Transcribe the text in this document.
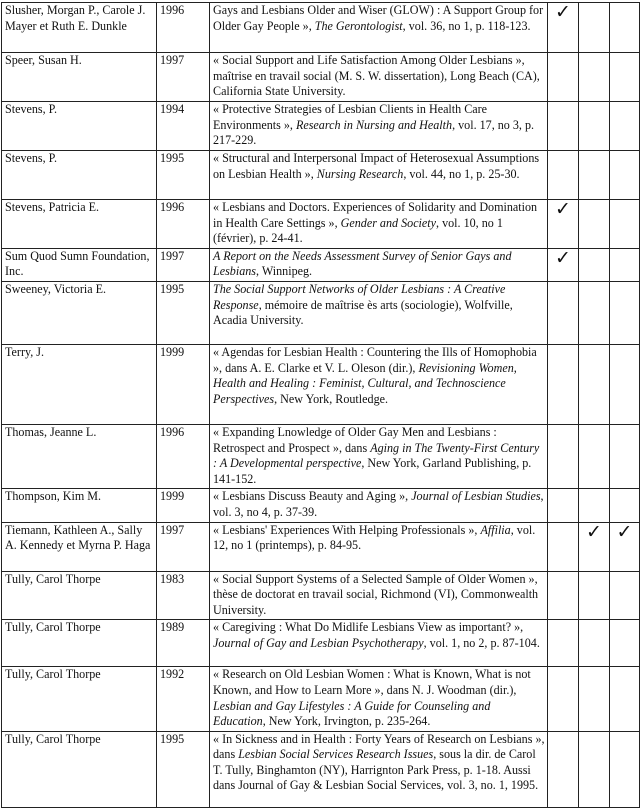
Slusher, Morgan P., Carole J. Mayer et Ruth E. Dunkle	1996	Gays and Lesbians Older and Wiser (GLOW) : A Support Group for Older Gay People », The Gerontologist, vol. 36, no 1, p. 118-123.	✓		
Speer, Susan H.	1997	« Social Support and Life Satisfaction Among Older Lesbians », maîtrise en travail social (M. S. W. dissertation), Long Beach (CA), California State University.			
Stevens, P.	1994	« Protective Strategies of Lesbian Clients in Health Care Environments », Research in Nursing and Health, vol. 17, no 3, p. 217-229.			
Stevens, P.	1995	« Structural and Interpersonal Impact of Heterosexual Assumptions on Lesbian Health », Nursing Research, vol. 44, no 1, p. 25-30.			
Stevens, Patricia E.	1996	« Lesbians and Doctors. Experiences of Solidarity and Domination in Health Care Settings », Gender and Society, vol. 10, no 1 (février), p. 24-41.	✓		
Sum Quod Sumn Foundation, Inc.	1997	A Report on the Needs Assessment Survey of Senior Gays and Lesbians, Winnipeg.	✓		
Sweeney, Victoria E.	1995	The Social Support Networks of Older Lesbians : A Creative Response, mémoire de maîtrise ès arts (sociologie), Wolfville, Acadia University.			
Terry, J.	1999	« Agendas for Lesbian Health : Countering the Ills of Homophobia », dans A. E. Clarke et V. L. Oleson (dir.), Revisioning Women, Health and Healing : Feminist, Cultural, and Technoscience Perspectives, New York, Routledge.			
Thomas, Jeanne L.	1996	« Expanding Lnowledge of Older Gay Men and Lesbians : Retrospect and Prospect », dans Aging in The Twenty-First Century : A Developmental perspective, New York, Garland Publishing, p. 141-152.			
Thompson, Kim M.	1999	« Lesbians Discuss Beauty and Aging », Journal of Lesbian Studies, vol. 3, no 4, p. 37-39.			
Tiemann, Kathleen A., Sally A. Kennedy et Myrna P. Haga	1997	« Lesbians' Experiences With Helping Professionals », Affilia, vol. 12, no 1 (printemps), p. 84-95.		✓	✓
Tully, Carol Thorpe	1983	« Social Support Systems of a Selected Sample of Older Women », thèse de doctorat en travail social, Richmond (VI), Commonwealth University.			
Tully, Carol Thorpe	1989	« Caregiving : What Do Midlife Lesbians View as important? », Journal of Gay and Lesbian Psychotherapy, vol. 1, no 2, p. 87-104.			
Tully, Carol Thorpe	1992	« Research on Old Lesbian Women : What is Known, What is not Known, and How to Learn More », dans N. J. Woodman (dir.), Lesbian and Gay Lifestyles : A Guide for Counseling and Education, New York, Irvington, p. 235-264.			
Tully, Carol Thorpe	1995	« In Sickness and in Health : Forty Years of Research on Lesbians », dans Lesbian Social Services Research Issues, sous la dir. de Carol T. Tully, Binghamton (NY), Harrignton Park Press, p. 1-18. Aussi dans Journal of Gay & Lesbian Social Services, vol. 3, no. 1, 1995.			
